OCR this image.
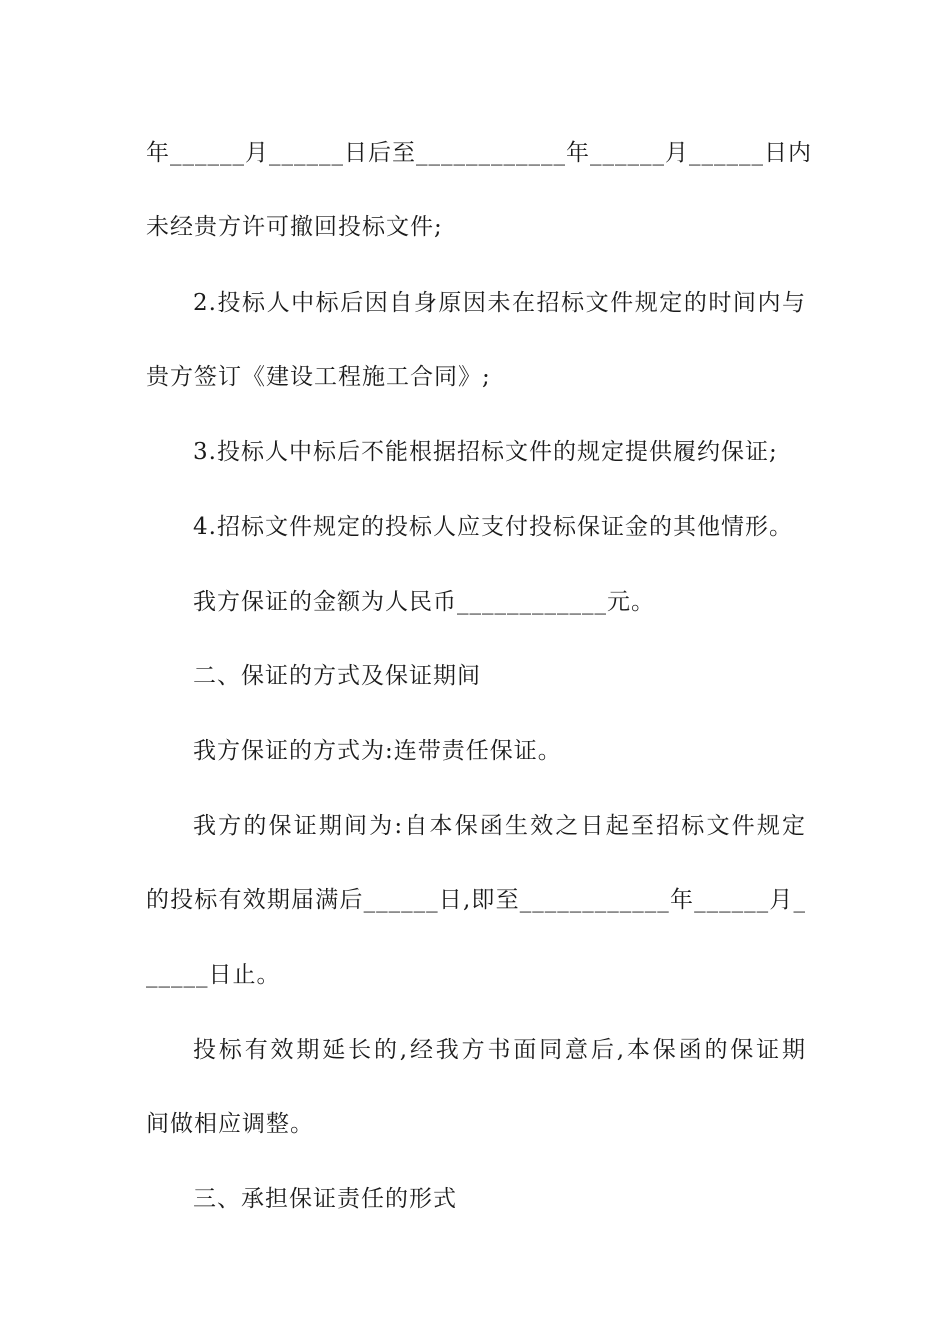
年______月______日后至____________年______月______日内
未经贵方许可撤回投标文件;
2.投标人中标后因自身原因未在招标文件规定的时间内与
贵方签订《建设工程施工合同》;
3.投标人中标后不能根据招标文件的规定提供履约保证;
4.招标文件规定的投标人应支付投标保证金的其他情形。
我方保证的金额为人民币____________元。
二、保证的方式及保证期间
我方保证的方式为:连带责任保证。
我方的保证期间为:自本保函生效之日起至招标文件规定
的投标有效期届满后______日,即至____________年______月_
_____日止。
投标有效期延长的,经我方书面同意后,本保函的保证期
间做相应调整。
三、承担保证责任的形式
